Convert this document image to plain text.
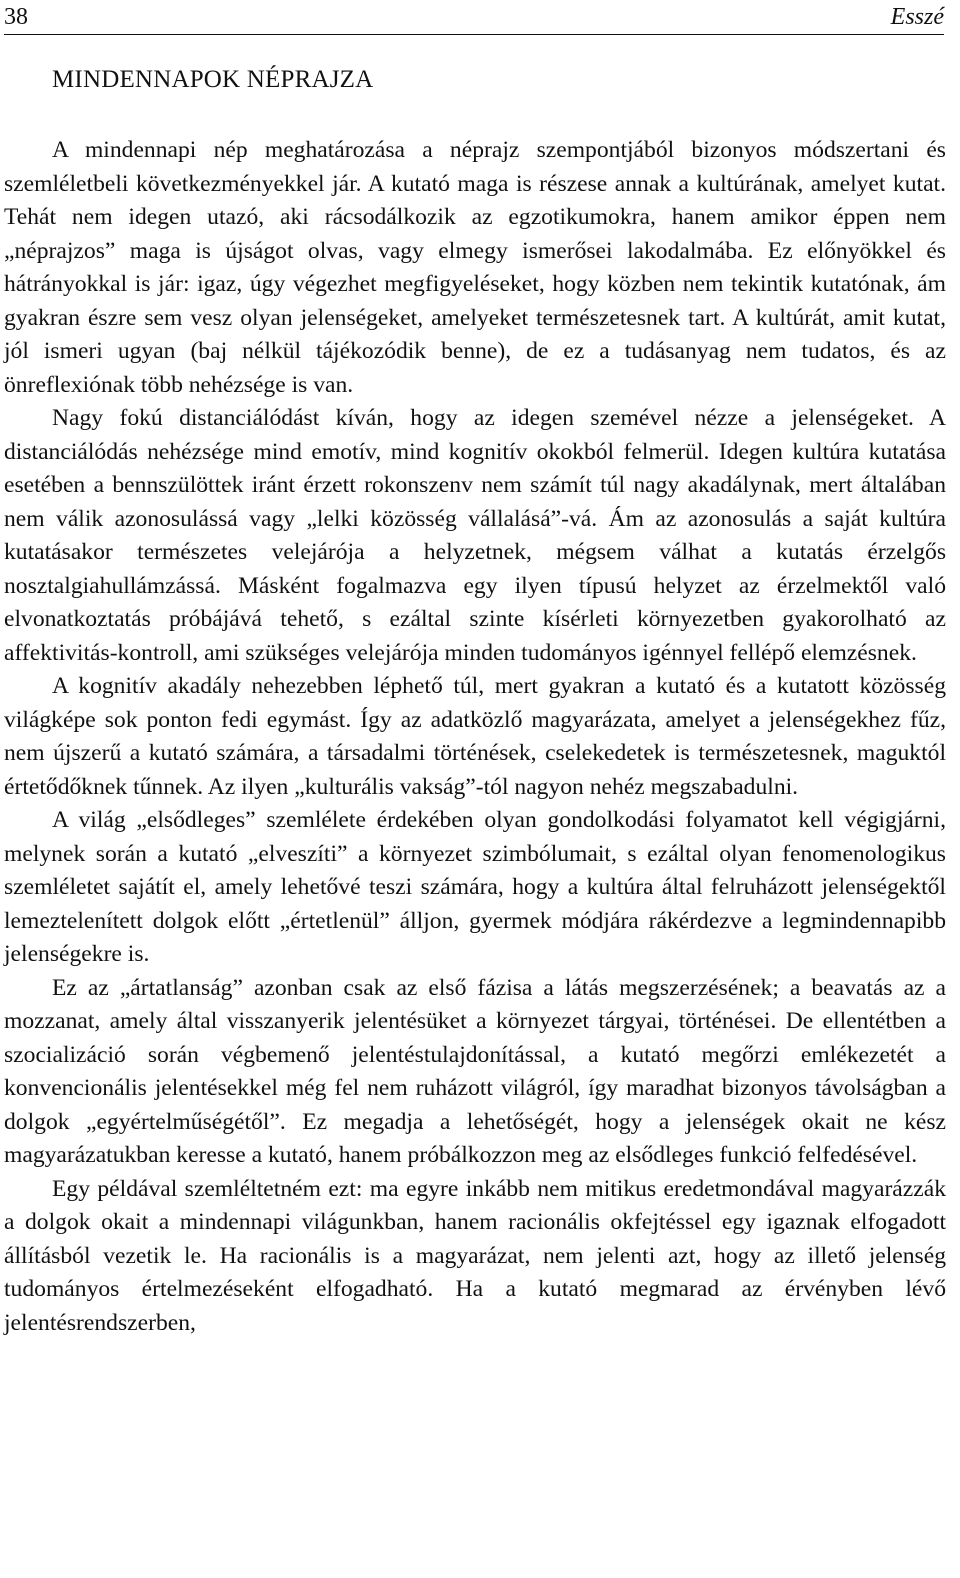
38	Esszé
MINDENNAPOK NÉPRAJZA

A mindennapi nép meghatározása a néprajz szempontjából bizonyos módszertani és szemléletbeli következményekkel jár. A kutató maga is részese annak a kultúrának, amelyet kutat. Tehát nem idegen utazó, aki rácsodálkozik az egzotikumokra, hanem amikor éppen nem „néprajzos” maga is újságot olvas, vagy elmegy ismerősei lakodalmába. Ez előnyökkel és hátrányokkal is jár: igaz, úgy végezhet megfigyeléseket, hogy közben nem tekintik kutatónak, ám gyakran észre sem vesz olyan jelenségeket, amelyeket természetesnek tart. A kultúrát, amit kutat, jól ismeri ugyan (baj nélkül tájékozódik benne), de ez a tudásanyag nem tudatos, és az önreflexiónak több nehézsége is van.

Nagy fokú distanciálódást kíván, hogy az idegen szemével nézze a jelenségeket. A distanciálódás nehézsége mind emotív, mind kognitív okokból felmerül. Idegen kultúra kutatása esetében a bennszülöttek iránt érzett rokonszenv nem számít túl nagy akadálynak, mert általában nem válik azonosulássá vagy „lelki közösség vállalásá”-vá. Ám az azonosulás a saját kultúra kutatásakor természetes velejárója a helyzetnek, mégsem válhat a kutatás érzelgős nosztalgiahullámzássá. Másként fogalmazva egy ilyen típusú helyzet az érzelmektől való elvonatkoztatás próbájává tehető, s ezáltal szinte kísérleti környezetben gyakorolható az affektivitás-kontroll, ami szükséges velejárója minden tudományos igénnyel fellépő elemzésnek.

A kognitív akadály nehezebben léphető túl, mert gyakran a kutató és a kutatott közösség világképe sok ponton fedi egymást. Így az adatközlő magyarázata, amelyet a jelenségekhez fűz, nem újszerű a kutató számára, a társadalmi történések, cselekedetek is természetesnek, maguktól értetődőknek tűnnek. Az ilyen „kulturális vakság”-tól nagyon nehéz megszabadulni.

A világ „elsődleges” szemlélete érdekében olyan gondolkodási folyamatot kell végigjárni, melynek során a kutató „elveszíti” a környezet szimbólumait, s ezáltal olyan fenomenologikus szemléletet sajátít el, amely lehetővé teszi számára, hogy a kultúra által felruházott jelenségektől lemeztelenített dolgok előtt „értetlenül” álljon, gyermek módjára rákérdezve a legmindennapibb jelenségekre is.

Ez az „ártatlanság” azonban csak az első fázisa a látás megszerzésének; a beavatás az a mozzanat, amely által visszanyerik jelentésüket a környezet tárgyai, történései. De ellentétben a szocializáció során végbemenő jelentéstulajdonítással, a kutató megőrzi emlékezetét a konvencionális jelentésekkel még fel nem ruházott világról, így maradhat bizonyos távolságban a dolgok „egyértelműségétől”. Ez megadja a lehetőségét, hogy a jelenségek okait ne kész magyarázatukban keresse a kutató, hanem próbálkozzon meg az elsődleges funkció felfedésével.

Egy példával szemléltetném ezt: ma egyre inkább nem mitikus eredetmondával magyarázzák a dolgok okait a mindennapi világunkban, hanem racionális okfejtéssel egy igaznak elfogadott állításból vezetik le. Ha racionális is a magyarázat, nem jelenti azt, hogy az illető jelenség tudományos értelmezéseként elfogadható. Ha a kutató megmarad az érvényben lévő jelentésrendszerben,
